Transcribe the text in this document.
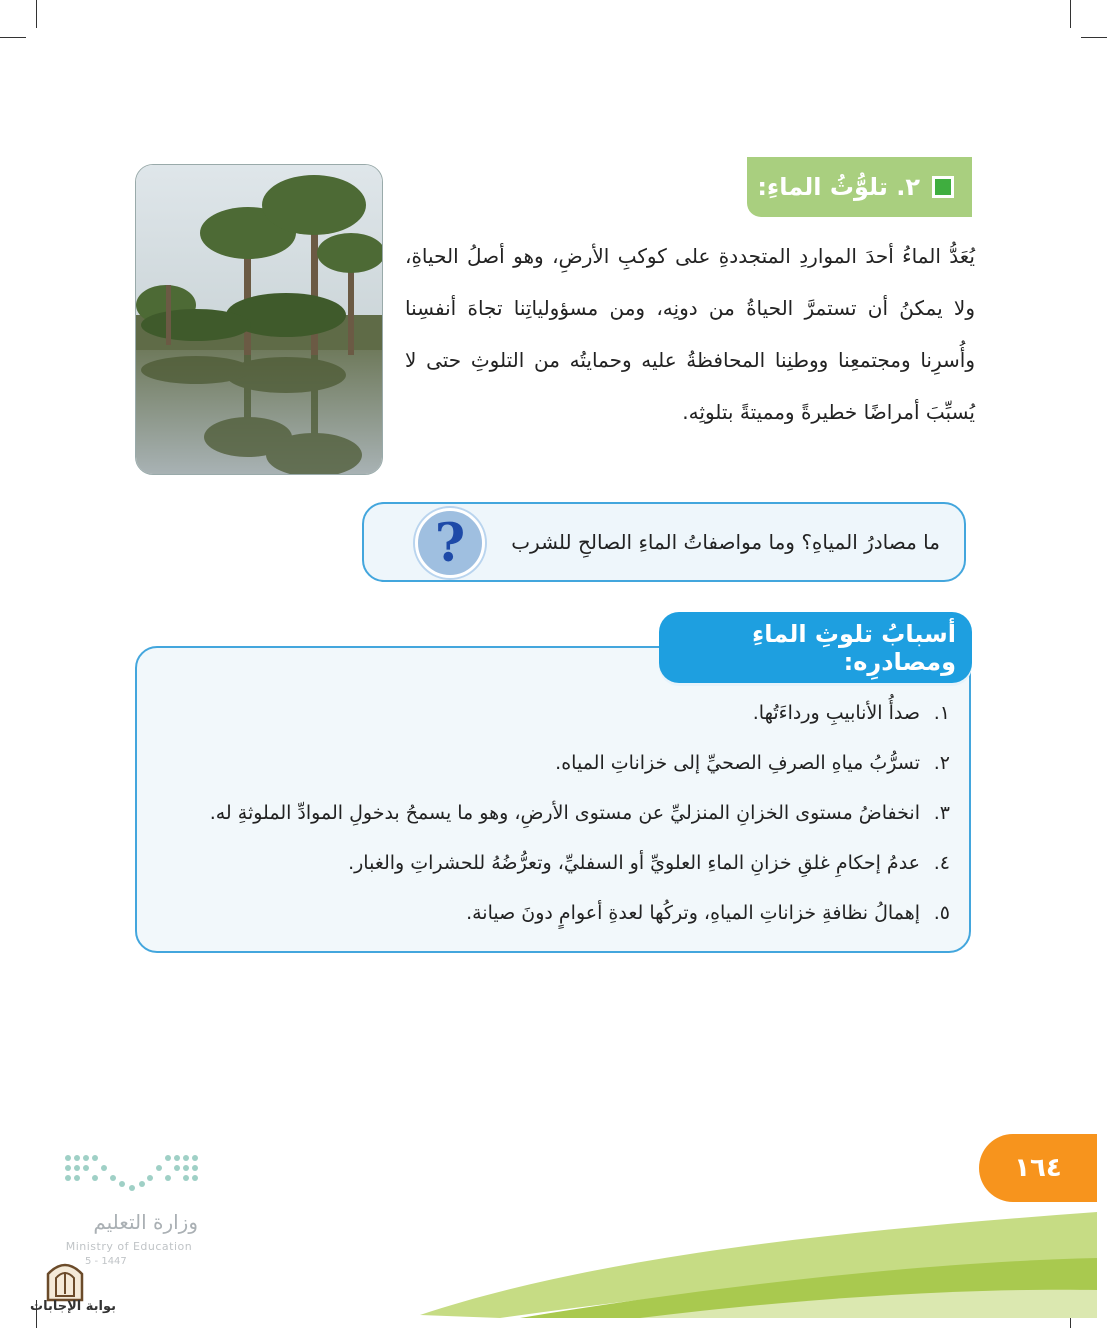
٢. تلوُّثُ الماءِ:
يُعَدُّ الماءُ أحدَ المواردِ المتجددةِ على كوكبِ الأرضِ، وهو أصلُ الحياةِ،
ولا يمكنُ أن تستمرَّ الحياةُ من دونِه، ومن مسؤولياتِنا تجاهَ أنفسِنا
وأُسرِنا ومجتمعِنا ووطنِنا المحافظةُ عليه وحمايتُه من التلوثِ حتى لا
يُسبِّبَ أمراضًا خطيرةً ومميتةً بتلوثِه.
ما مصادرُ المياهِ؟ وما مواصفاتُ الماءِ الصالحِ للشرب
?
أسبابُ تلوثِ الماءِ ومصادرِه:
١.صدأُ الأنابيبِ ورداءَتُها.
٢.تسرُّبُ مياهِ الصرفِ الصحيِّ إلى خزاناتِ المياه.
٣.انخفاضُ مستوى الخزانِ المنزليِّ عن مستوى الأرضِ، وهو ما يسمحُ بدخولِ الموادِّ الملوثةِ له.
٤.عدمُ إحكامِ غلقِ خزانِ الماءِ العلويِّ أو السفليِّ، وتعرُّضُهُ للحشراتِ والغبار.
٥.إهمالُ نظافةِ خزاناتِ المياهِ، وتركُها لعدةِ أعوامٍ دونَ صيانة.
١٦٤
وزارة التعليم
Ministry of Education
5 - 1447
بوابة الإجابات
